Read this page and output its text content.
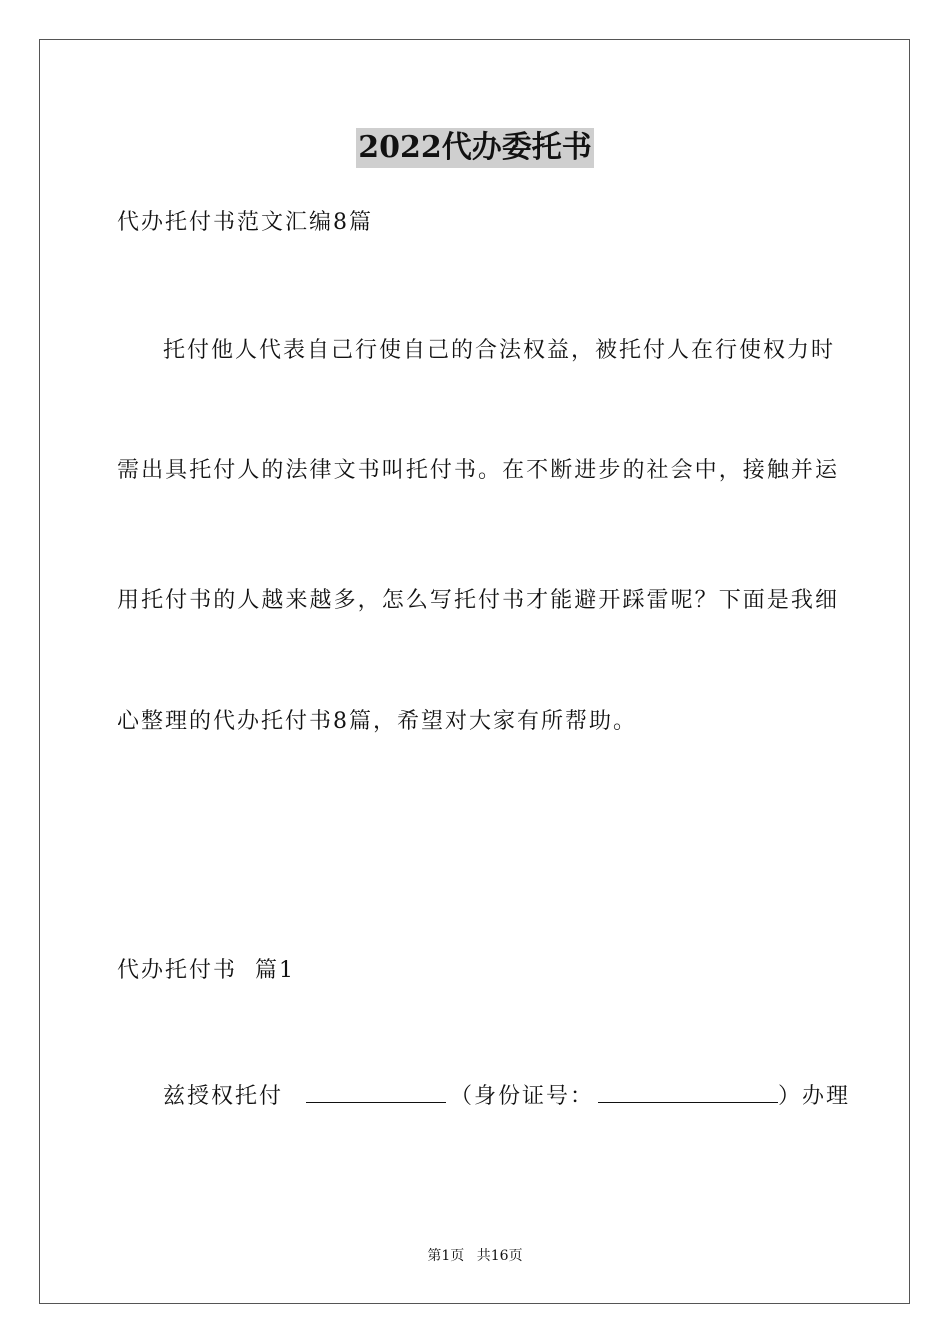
2022代办委托书
代办托付书范文汇编8篇
托付他人代表自己行使自己的合法权益，被托付人在行使权力时
需出具托付人的法律文书叫托付书。在不断进步的社会中，接触并运
用托付书的人越来越多，怎么写托付书才能避开踩雷呢？下面是我细
心整理的代办托付书8篇，希望对大家有所帮助。
代办托付书  篇1
兹授权托付	（身份证号：	）办理
第1页 共16页
